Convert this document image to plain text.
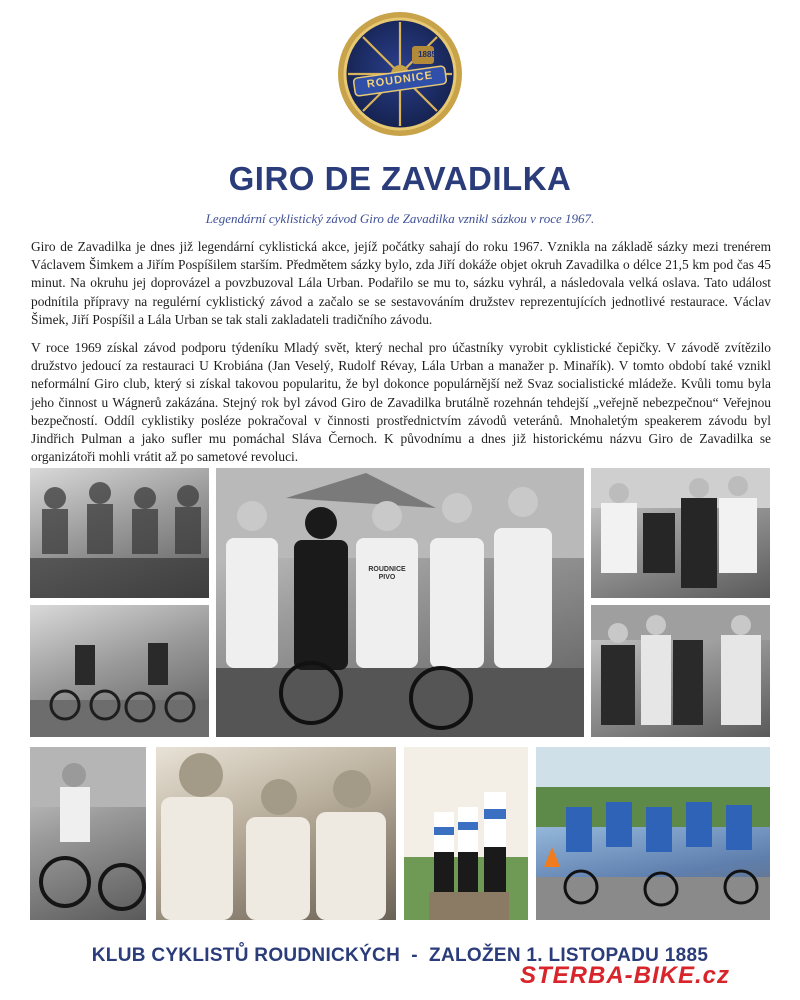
1885
ROUDNICE
GIRO DE ZAVADILKA
Legendární cyklistický závod Giro de Zavadilka vznikl sázkou v roce 1967.
Giro de Zavadilka je dnes již legendární cyklistická akce, jejíž počátky sahají do roku 1967. Vznikla na základě sázky mezi trenérem Václavem Šimkem a Jiřím Pospíšilem starším. Předmětem sázky bylo, zda Jiří dokáže objet okruh Zavadilka o délce 21,5 km pod čas 45 minut. Na okruhu jej doprovázel a povzbuzoval Lála Urban. Podařilo se mu to, sázku vyhrál, a následovala velká oslava. Tato událost podnítila přípravy na regulérní cyklistický závod a začalo se se sestavováním družstev reprezentujících jednotlivé restaurace. Václav Šimek, Jiří Pospíšil a Lála Urban se tak stali zakladateli tradičního závodu.
V roce 1969 získal závod podporu týdeníku Mladý svět, který nechal pro účastníky vyrobit cyklistické čepičky. V závodě zvítězilo družstvo jedoucí za restauraci U Krobiána (Jan Veselý, Rudolf Révay, Lála Urban a manažer p. Minařík). V tomto období také vznikl neformální Giro club, který si získal takovou popularitu, že byl dokonce populárnější než Svaz socialistické mládeže. Kvůli tomu byla jeho činnost u Wágnerů zakázána. Stejný rok byl závod Giro de Zavadilka brutálně rozehnán tehdejší „veřejně nebezpečnou“ Veřejnou bezpečností. Oddíl cyklistiky posléze pokračoval v činnosti prostřednictvím závodů veteránů. Mnohaletým speakerem závodu byl Jindřich Pulman a jako sufler mu pomáchal Sláva Černoch. K původnímu a dnes již historickému názvu Giro de Zavadilka se organizátoři mohli vrátit až po sametové revoluci.
ROUDNICE PIVO
KLUB CYKLISTŮ ROUDNICKÝCH  -  ZALOŽEN 1. LISTOPADU 1885
STERBA-BIKE.cz
